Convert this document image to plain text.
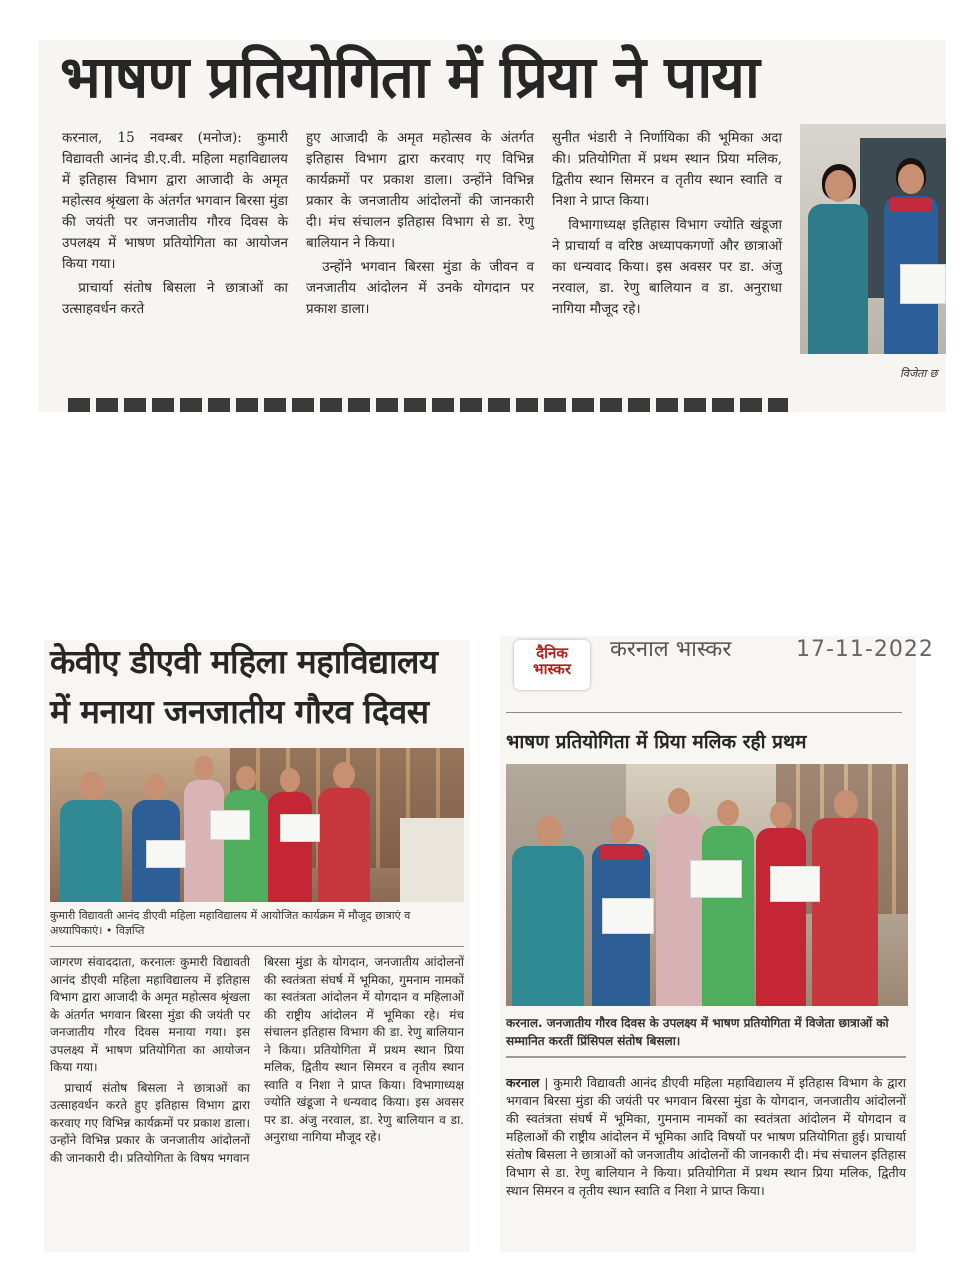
भाषण प्रतियोगिता में प्रिया ने पाया

करनाल, 15 नवम्बर (मनोज): कुमारी विद्यावती आनंद डी.ए.वी. महिला महाविद्यालय में इतिहास विभाग द्वारा आजादी के अमृत महोत्सव श्रृंखला के अंतर्गत भगवान बिरसा मुंडा की जयंती पर जनजातीय गौरव दिवस के उपलक्ष्य में भाषण प्रतियोगिता का आयोजन किया गया।

प्राचार्या संतोष बिसला ने छात्राओं का उत्साहवर्धन करते

हुए आजादी के अमृत महोत्सव के अंतर्गत इतिहास विभाग द्वारा करवाए गए विभिन्न कार्यक्रमों पर प्रकाश डाला। उन्होंने विभिन्न प्रकार के जनजातीय आंदोलनों की जानकारी दी। मंच संचालन इतिहास विभाग से डा. रेणु बालियान ने किया।

उन्होंने भगवान बिरसा मुंडा के जीवन व जनजातीय आंदोलन में उनके योगदान पर प्रकाश डाला।

सुनीत भंडारी ने निर्णायिका की भूमिका अदा की। प्रतियोगिता में प्रथम स्थान प्रिया मलिक, द्वितीय स्थान सिमरन व तृतीय स्थान स्वाति व निशा ने प्राप्त किया।

विभागाध्यक्ष इतिहास विभाग ज्योति खंडूजा ने प्राचार्या व वरिष्ठ अध्यापकगणों और छात्राओं का धन्यवाद किया। इस अवसर पर डा. अंजु नरवाल, डा. रेणु बालियान व डा. अनुराधा नागिया मौजूद रहे।

विजेता छ
केवीए डीएवी महिला महाविद्यालय
में मनाया जनजातीय गौरव दिवस
कुमारी विद्यावती आनंद डीएवी महिला महाविद्यालय में आयोजित कार्यक्रम में मौजूद छात्राएं व अध्यापिकाएं। • विज्ञप्ति

जागरण संवाददाता, करनालः कुमारी विद्यावती आनंद डीएवी महिला महाविद्यालय में इतिहास विभाग द्वारा आजादी के अमृत महोत्सव श्रृंखला के अंतर्गत भगवान बिरसा मुंडा की जयंती पर जनजातीय गौरव दिवस मनाया गया। इस उपलक्ष्य में भाषण प्रतियोगिता का आयोजन किया गया।

प्राचार्य संतोष बिसला ने छात्राओं का उत्साहवर्धन करते हुए इतिहास विभाग द्वारा करवाए गए विभिन्न कार्यक्रमों पर प्रकाश डाला। उन्होंने विभिन्न प्रकार के जनजातीय आंदोलनों की जानकारी दी। प्रतियोगिता के विषय भगवान

बिरसा मुंडा के योगदान, जनजातीय आंदोलनों की स्वतंत्रता संघर्ष में भूमिका, गुमनाम नामकों का स्वतंत्रता आंदोलन में योगदान व महिलाओं की राष्ट्रीय आंदोलन में भूमिका रहे। मंच संचालन इतिहास विभाग की डा. रेणु बालियान ने किया। प्रतियोगिता में प्रथम स्थान प्रिया मलिक, द्वितीय स्थान सिमरन व तृतीय स्थान स्वाति व निशा ने प्राप्त किया। विभागाध्यक्ष ज्योति खंडूजा ने धन्यवाद किया। इस अवसर पर डा. अंजु नरवाल, डा. रेणु बालियान व डा. अनुराधा नागिया मौजूद रहे।

दैनिक
भास्कर
करनाल भास्कर	17-11-2022
भाषण प्रतियोगिता में प्रिया मलिक रही प्रथम
करनाल. जनजातीय गौरव दिवस के उपलक्ष्य में भाषण प्रतियोगिता में विजेता छात्राओं को सम्मानित करतीं प्रिंसिपल संतोष बिसला।

करनाल | कुमारी विद्यावती आनंद डीएवी महिला महाविद्यालय में इतिहास विभाग के द्वारा भगवान बिरसा मुंडा की जयंती पर भगवान बिरसा मुंडा के योगदान, जनजातीय आंदोलनों की स्वतंत्रता संघर्ष में भूमिका, गुमनाम नामकों का स्वतंत्रता आंदोलन में योगदान व महिलाओं की राष्ट्रीय आंदोलन में भूमिका आदि विषयों पर भाषण प्रतियोगिता हुई। प्राचार्या संतोष बिसला ने छात्राओं को जनजातीय आंदोलनों की जानकारी दी। मंच संचालन इतिहास विभाग से डा. रेणु बालियान ने किया। प्रतियोगिता में प्रथम स्थान प्रिया मलिक, द्वितीय स्थान सिमरन व तृतीय स्थान स्वाति व निशा ने प्राप्त किया।
